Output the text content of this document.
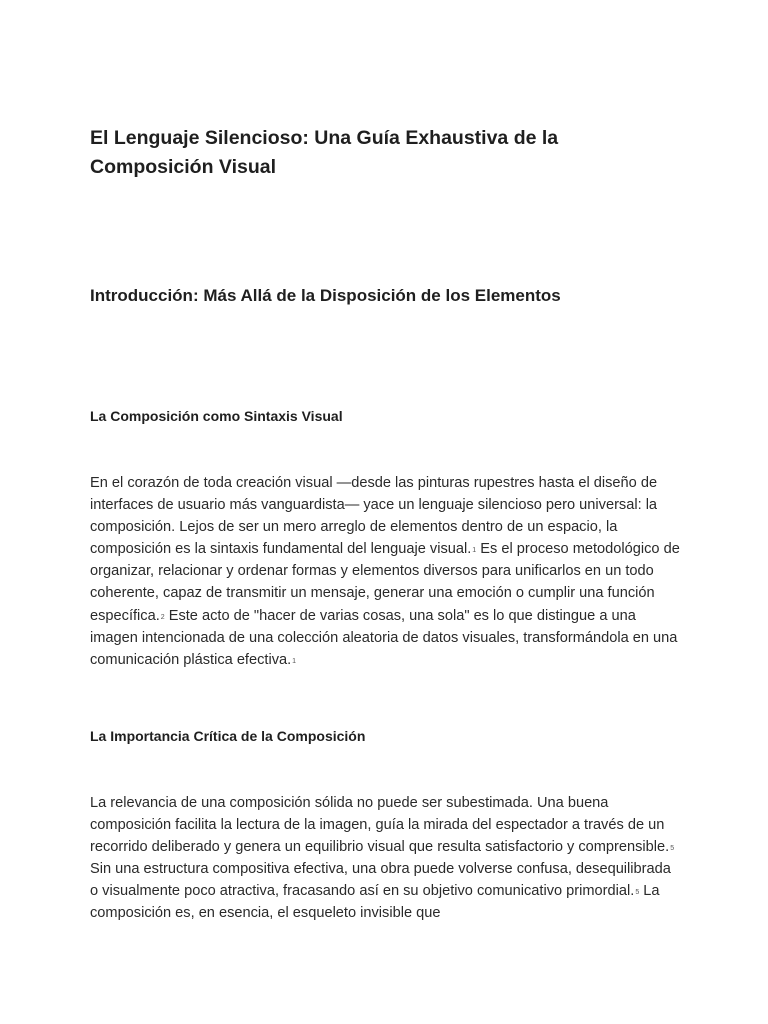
El Lenguaje Silencioso: Una Guía Exhaustiva de la Composición Visual
Introducción: Más Allá de la Disposición de los Elementos
La Composición como Sintaxis Visual

En el corazón de toda creación visual —desde las pinturas rupestres hasta el diseño de interfaces de usuario más vanguardista— yace un lenguaje silencioso pero universal: la composición. Lejos de ser un mero arreglo de elementos dentro de un espacio, la composición es la sintaxis fundamental del lenguaje visual.$^1$ Es el proceso metodológico de organizar, relacionar y ordenar formas y elementos diversos para unificarlos en un todo coherente, capaz de transmitir un mensaje, generar una emoción o cumplir una función específica.$^2$ Este acto de "hacer de varias cosas, una sola" es lo que distingue a una imagen intencionada de una colección aleatoria de datos visuales, transformándola en una comunicación plástica efectiva.$^1$

La Importancia Crítica de la Composición

La relevancia de una composición sólida no puede ser subestimada. Una buena composición facilita la lectura de la imagen, guía la mirada del espectador a través de un recorrido deliberado y genera un equilibrio visual que resulta satisfactorio y comprensible.$^5$ Sin una estructura compositiva efectiva, una obra puede volverse confusa, desequilibrada o visualmente poco atractiva, fracasando así en su objetivo comunicativo primordial.$^5$ La composición es, en esencia, el esqueleto invisible que
